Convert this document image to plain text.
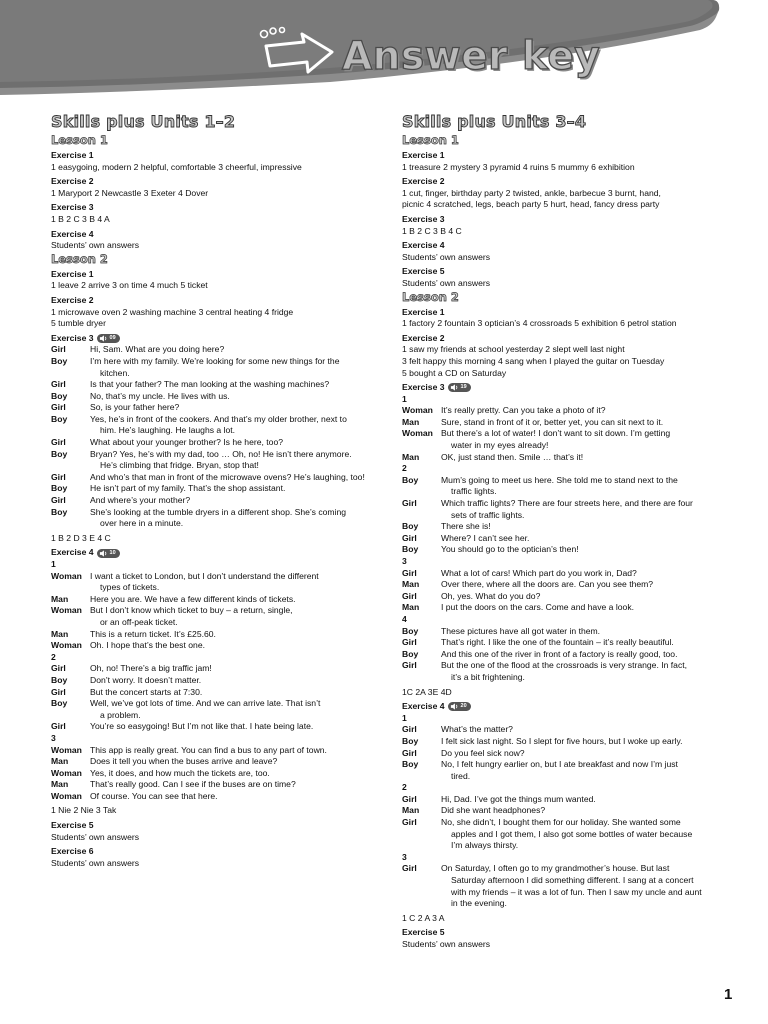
Answer key
Skills plus Units 1–2
Lesson 1
Exercise 1
1 easygoing, modern 2 helpful, comfortable 3 cheerful, impressive
Exercise 2
1 Maryport 2 Newcastle 3 Exeter 4 Dover
Exercise 3
1 B 2 C 3 B 4 A
Exercise 4
Students’ own answers
Lesson 2
Exercise 1
1 leave 2 arrive 3 on time 4 much 5 ticket
Exercise 2
1 microwave oven 2 washing machine 3 central heating 4 fridge
5 tumble dryer
Exercise 3	09
Girl	Hi, Sam. What are you doing here?
Boy	I’m here with my family. We’re looking for some new things for the
kitchen.
Girl	Is that your father? The man looking at the washing machines?
Boy	No, that’s my uncle. He lives with us.
Girl	So, is your father here?
Boy	Yes, he’s in front of the cookers. And that’s my older brother, next to
him. He’s laughing. He laughs a lot.
Girl	What about your younger brother? Is he here, too?
Boy	Bryan? Yes, he’s with my dad, too … Oh, no! He isn’t there anymore.
He’s climbing that fridge. Bryan, stop that!
Girl	And who’s that man in front of the microwave ovens? He’s laughing, too!
Boy	He isn’t part of my family. That’s the shop assistant.
Girl	And where’s your mother?
Boy	She’s looking at the tumble dryers in a different shop. She’s coming
over here in a minute.
1 B 2 D 3 E 4 C
Exercise 4	10
1
Woman I want a ticket to London, but I don’t understand the different
types of tickets.
Man	Here you are. We have a few different kinds of tickets.
Woman But I don’t know which ticket to buy – a return, single,
or an off-peak ticket.
Man	This is a return ticket. It’s £25.60.
Woman Oh. I hope that’s the best one.
2
Girl	Oh, no! There’s a big traffic jam!
Boy	Don’t worry. It doesn’t matter.
Girl	But the concert starts at 7:30.
Boy	Well, we’ve got lots of time. And we can arrive late. That isn’t
a problem.
Girl	You’re so easygoing! But I’m not like that. I hate being late.
3
Woman This app is really great. You can find a bus to any part of town.
Man	Does it tell you when the buses arrive and leave?
Woman Yes, it does, and how much the tickets are, too.
Man	That’s really good. Can I see if the buses are on time?
Woman Of course. You can see that here.
1 Nie 2 Nie 3 Tak
Exercise 5
Students’ own answers
Exercise 6
Students’ own answers
Skills plus Units 3–4
Lesson 1
Exercise 1
1 treasure 2 mystery 3 pyramid 4 ruins 5 mummy 6 exhibition
Exercise 2
1 cut, finger, birthday party 2 twisted, ankle, barbecue 3 burnt, hand,
picnic 4 scratched, legs, beach party 5 hurt, head, fancy dress party
Exercise 3
1 B 2 C 3 B 4 C
Exercise 4
Students’ own answers
Exercise 5
Students’ own answers
Lesson 2
Exercise 1
1 factory 2 fountain 3 optician’s 4 crossroads 5 exhibition 6 petrol station
Exercise 2
1 saw my friends at school yesterday 2 slept well last night
3 felt happy this morning 4 sang when I played the guitar on Tuesday
5 bought a CD on Saturday
Exercise 3	19
1
Woman It’s really pretty. Can you take a photo of it?
Man	Sure, stand in front of it or, better yet, you can sit next to it.
Woman But there’s a lot of water! I don’t want to sit down. I’m getting
water in my eyes already!
Man	OK, just stand then. Smile … that’s it!
2
Boy	Mum’s going to meet us here. She told me to stand next to the
traffic lights.
Girl	Which traffic lights? There are four streets here, and there are four
sets of traffic lights.
Boy	There she is!
Girl	Where? I can’t see her.
Boy	You should go to the optician’s then!
3
Girl	What a lot of cars! Which part do you work in, Dad?
Man	Over there, where all the doors are. Can you see them?
Girl	Oh, yes. What do you do?
Man	I put the doors on the cars. Come and have a look.
4
Boy	These pictures have all got water in them.
Girl	That’s right. I like the one of the fountain – it’s really beautiful.
Boy	And this one of the river in front of a factory is really good, too.
Girl	But the one of the flood at the crossroads is very strange. In fact,
it’s a bit frightening.
1C 2A 3E 4D
Exercise 4	20
1
Girl	What’s the matter?
Boy	I felt sick last night. So I slept for five hours, but I woke up early.
Girl	Do you feel sick now?
Boy	No, I felt hungry earlier on, but I ate breakfast and now I’m just
tired.
2
Girl	Hi, Dad. I’ve got the things mum wanted.
Man	Did she want headphones?
Girl	No, she didn’t, I bought them for our holiday. She wanted some
apples and I got them, I also got some bottles of water because
I’m always thirsty.
3
Girl	On Saturday, I often go to my grandmother’s house. But last
Saturday afternoon I did something different. I sang at a concert
with my friends – it was a lot of fun. Then I saw my uncle and aunt
in the evening.
1 C 2 A 3 A
Exercise 5
Students’ own answers
1
